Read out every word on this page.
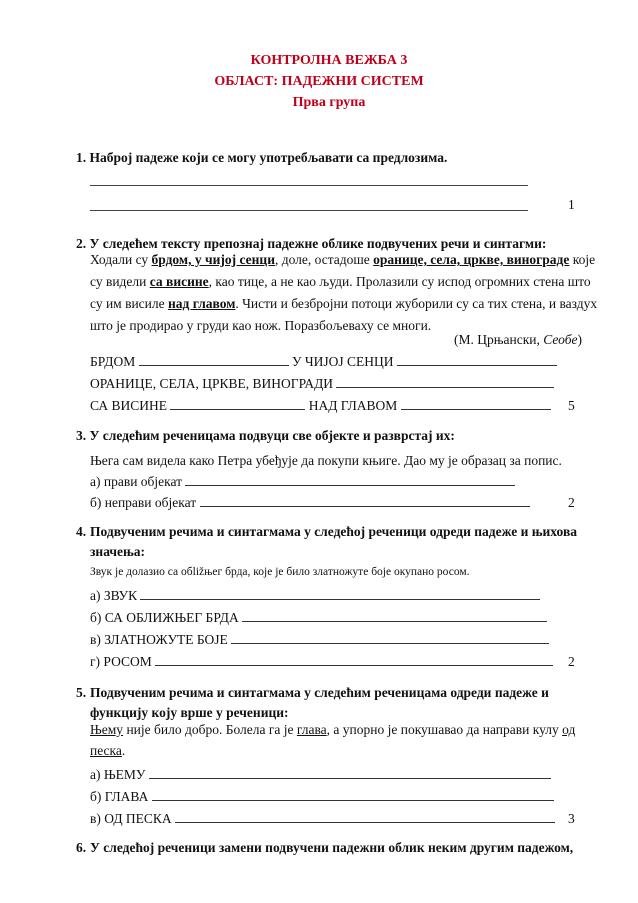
КОНТРОЛНА ВЕЖБА 3
ОБЛАСТ: ПАДЕЖНИ СИСТЕМ
Прва група
1. Наброј падеже који се могу употребљавати са предлозима.
1
2. У следећем тексту препознај падежне облике подвучених речи и синтагми:
Ходали су брдом, у чијој сенци, доле, остадоше оранице, села, цркве, винограде које
су видели са висине, као тице, а не као људи. Пролазили су испод огромних стена што
су им висиле над главом. Чисти и безбројни потоци жуборили су са тих стена, и ваздух
што је продирао у груди као нож. Поразбољеваху се многи.
(М. Црњански, Сеобе)
БРДОМ	У ЧИЈОЈ СЕНЦИ
ОРАНИЦЕ, СЕЛА, ЦРКВЕ, ВИНОГРАДИ
СА ВИСИНЕ	НАД ГЛАВОМ	5
3. У следећим реченицама подвуци све објекте и разврстај их:
Њега сам видела како Петра убеђује да покупи књиге. Дао му је образац за попис.
а) прави објекат
б) неправи објекат	2
4. Подвученим речима и синтагмама у следећој реченици одреди падеже и њихова
значења:
Звук је долазио са обližњег брда, које је било златножуте боје окупано росом.
а) ЗВУК
б) СА ОБЛИЖЊЕГ БРДА
в) ЗЛАТНОЖУТЕ БОЈЕ
г) РОСОМ	2
5. Подвученим речима и синтагмама у следећим реченицама одреди падеже и
функцију коју врше у реченици:
Њему није било добро. Болела га је глава, а упорно је покушавао да направи кулу од
песка.
а) ЊЕМУ
б) ГЛАВА
в) ОД ПЕСКА	3
6. У следећој реченици замени подвучени падежни облик неким другим падежом,
